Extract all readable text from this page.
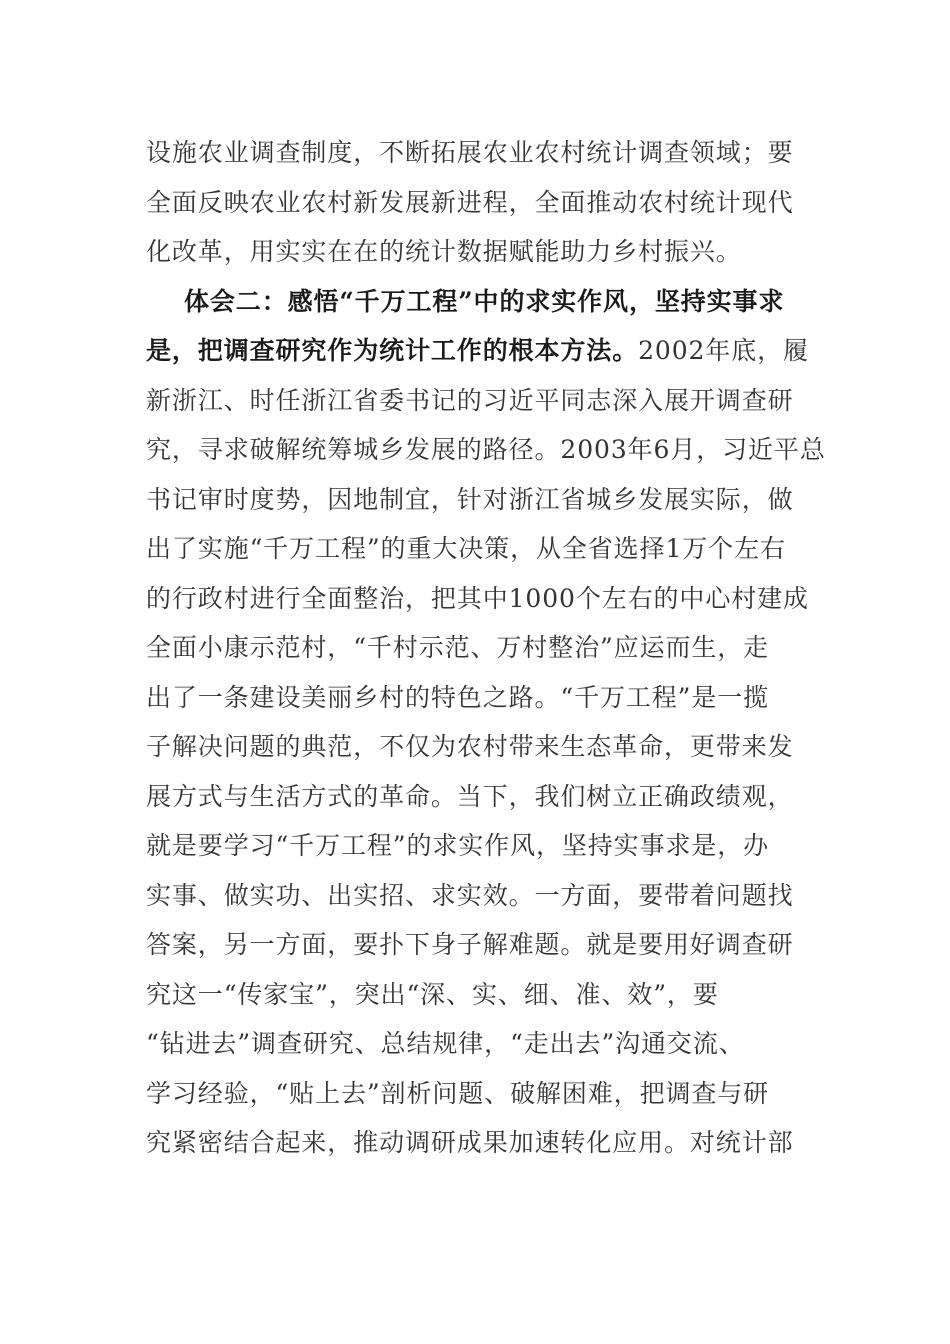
设施农业调查制度，不断拓展农业农村统计调查领域；要
全面反映农业农村新发展新进程，全面推动农村统计现代
化改革，用实实在在的统计数据赋能助力乡村振兴。
体会二：感悟“千万工程”中的求实作风，坚持实事求
是，把调查研究作为统计工作的根本方法。2002年底，履
新浙江、时任浙江省委书记的习近平同志深入展开调查研
究，寻求破解统筹城乡发展的路径。2003年6月，习近平总
书记审时度势，因地制宜，针对浙江省城乡发展实际，做
出了实施“千万工程”的重大决策，从全省选择1万个左右
的行政村进行全面整治，把其中1000个左右的中心村建成
全面小康示范村，“千村示范、万村整治”应运而生，走
出了一条建设美丽乡村的特色之路。“千万工程”是一揽
子解决问题的典范，不仅为农村带来生态革命，更带来发
展方式与生活方式的革命。当下，我们树立正确政绩观，
就是要学习“千万工程”的求实作风，坚持实事求是，办
实事、做实功、出实招、求实效。一方面，要带着问题找
答案，另一方面，要扑下身子解难题。就是要用好调查研
究这一“传家宝”，突出“深、实、细、准、效”，要
“钻进去”调查研究、总结规律，“走出去”沟通交流、
学习经验，“贴上去”剖析问题、破解困难，把调查与研
究紧密结合起来，推动调研成果加速转化应用。对统计部
